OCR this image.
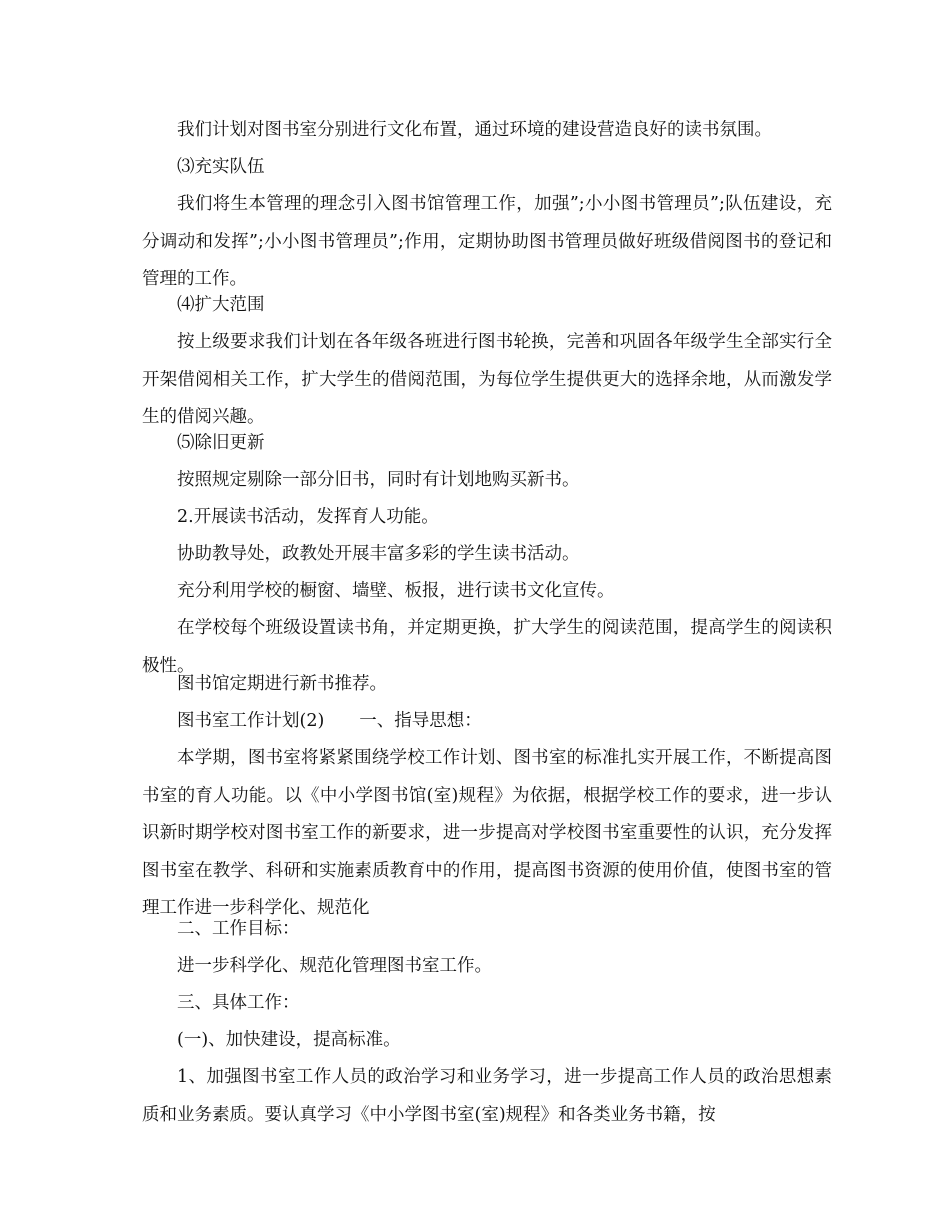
我们计划对图书室分别进行文化布置，通过环境的建设营造良好的读书氛围。

⑶充实队伍

我们将生本管理的理念引入图书馆管理工作，加强”;小小图书管理员”;队伍建设，充分调动和发挥”;小小图书管理员”;作用，定期协助图书管理员做好班级借阅图书的登记和管理的工作。

⑷扩大范围

按上级要求我们计划在各年级各班进行图书轮换，完善和巩固各年级学生全部实行全开架借阅相关工作，扩大学生的借阅范围，为每位学生提供更大的选择余地，从而激发学生的借阅兴趣。

⑸除旧更新

按照规定剔除一部分旧书，同时有计划地购买新书。

2.开展读书活动，发挥育人功能。

协助教导处，政教处开展丰富多彩的学生读书活动。

充分利用学校的橱窗、墙壁、板报，进行读书文化宣传。

在学校每个班级设置读书角，并定期更换，扩大学生的阅读范围，提高学生的阅读积极性。

图书馆定期进行新书推荐。

图书室工作计划(2)　　一、指导思想：

本学期，图书室将紧紧围绕学校工作计划、图书室的标准扎实开展工作，不断提高图书室的育人功能。以《中小学图书馆(室)规程》为依据，根据学校工作的要求，进一步认识新时期学校对图书室工作的新要求，进一步提高对学校图书室重要性的认识，充分发挥图书室在教学、科研和实施素质教育中的作用，提高图书资源的使用价值，使图书室的管理工作进一步科学化、规范化

二、工作目标：

进一步科学化、规范化管理图书室工作。

三、具体工作：

(一)、加快建设，提高标准。

1、加强图书室工作人员的政治学习和业务学习，进一步提高工作人员的政治思想素质和业务素质。要认真学习《中小学图书室(室)规程》和各类业务书籍，按
